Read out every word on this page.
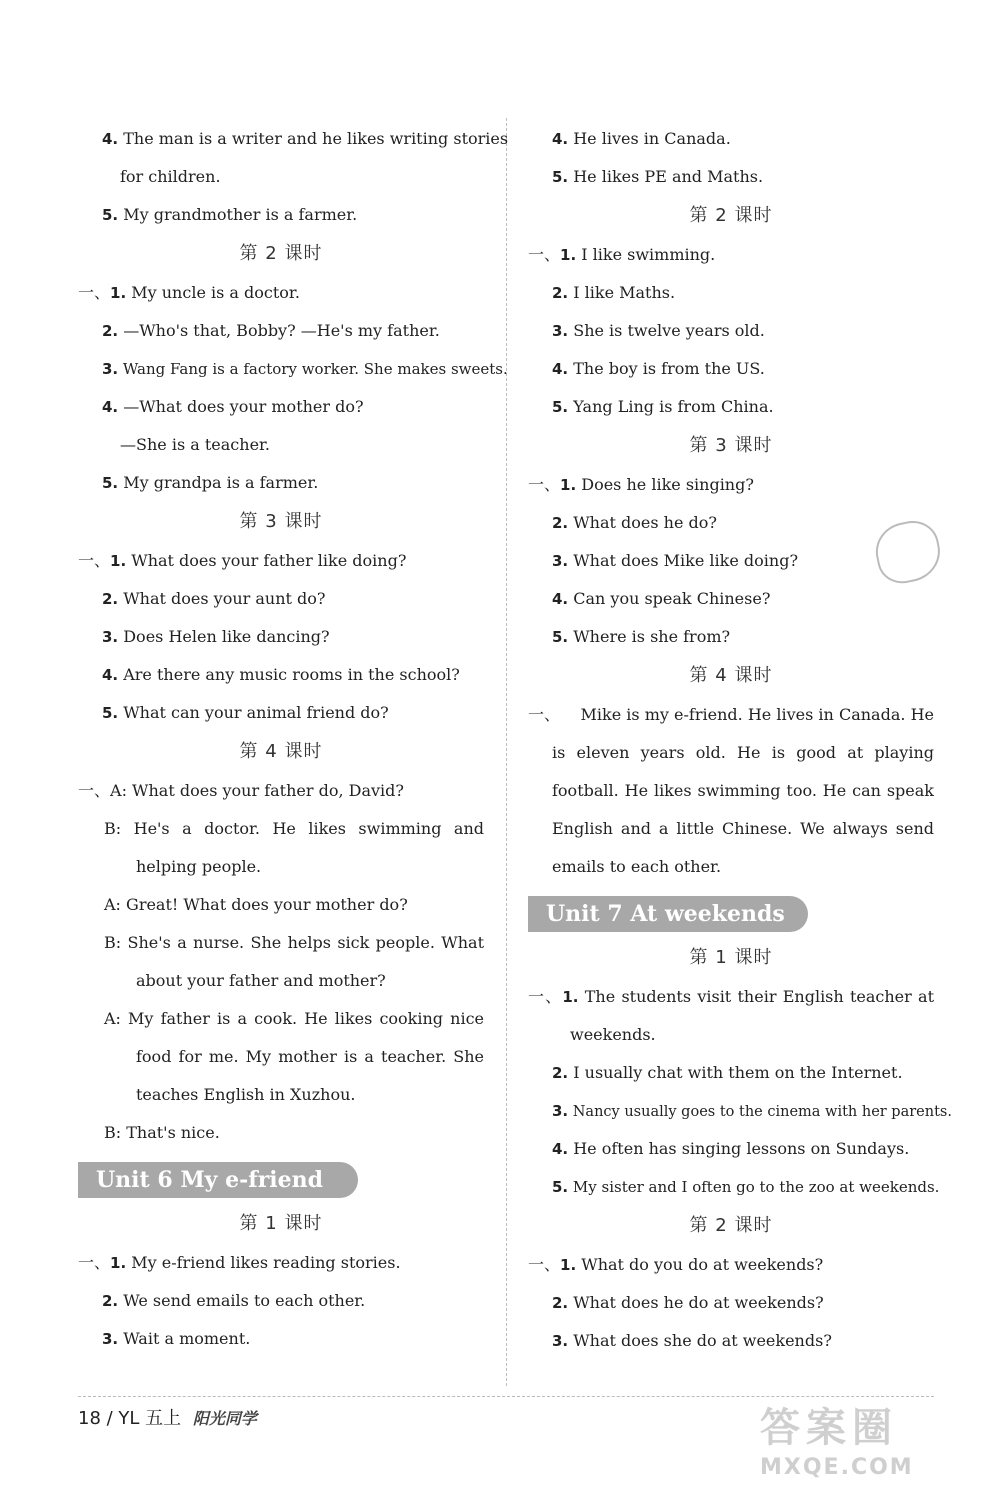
4. The man is a writer and he likes writing stories
for children.
5. My grandmother is a farmer.
第 2 课时
一、1. My uncle is a doctor.
2. —Who's that, Bobby? —He's my father.
3. Wang Fang is a factory worker. She makes sweets.
4. —What does your mother do?
—She is a teacher.
5. My grandpa is a farmer.
第 3 课时
一、1. What does your father like doing?
2. What does your aunt do?
3. Does Helen like dancing?
4. Are there any music rooms in the school?
5. What can your animal friend do?
第 4 课时
一、A: What does your father do, David?
B: He's a doctor. He likes swimming and
helping people.
A: Great! What does your mother do?
B: She's a nurse. She helps sick people. What
about your father and mother?
A: My father is a cook. He likes cooking nice
food for me. My mother is a teacher. She
teaches English in Xuzhou.
B: That's nice.
Unit 6 My e-friend
第 1 课时
一、1. My e-friend likes reading stories.
2. We send emails to each other.
3. Wait a moment.
4. He lives in Canada.
5. He likes PE and Maths.
第 2 课时
一、1. I like swimming.
2. I like Maths.
3. She is twelve years old.
4. The boy is from the US.
5. Yang Ling is from China.
第 3 课时
一、1. Does he like singing?
2. What does he do?
3. What does Mike like doing?
4. Can you speak Chinese?
5. Where is she from?
第 4 课时
一、 Mike is my e-friend. He lives in Canada. He
is eleven years old. He is good at playing
football. He likes swimming too. He can speak
English and a little Chinese. We always send
emails to each other.
Unit 7 At weekends
第 1 课时
一、1. The students visit their English teacher at
weekends.
2. I usually chat with them on the Internet.
3. Nancy usually goes to the cinema with her parents.
4. He often has singing lessons on Sundays.
5. My sister and I often go to the zoo at weekends.
第 2 课时
一、1. What do you do at weekends?
2. What does he do at weekends?
3. What does she do at weekends?
18 / YL 五上 阳光同学	答案圈
MXQE.COM
